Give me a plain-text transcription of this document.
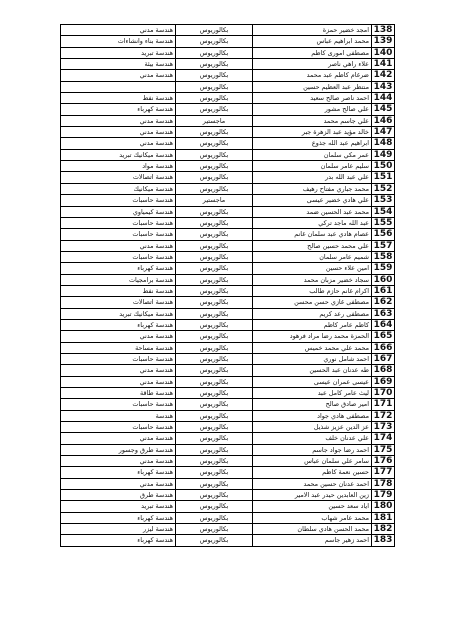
138	امجد خضير حمزة	بكالوريوس	هندسة مدني
139	محمد ابراهيم عباس	بكالوريوس	هندسة بناء وانشاءات
140	مصطفى امورى كاظم	بكالوريوس	هندسة تبريد
141	علاء راهي ناصر	بكالوريوس	هندسة بيئة
142	ضرغام كاظم عبد محمد	بكالوريوس	هندسة مدني
143	منتظر عبد العظيم حسين	بكالوريوس	
144	احمد ناصر صالح سعيد	بكالوريوس	هندسة نفط
145	علي صالح مشور	بكالوريوس	هندسة كهرباء
146	علي جاسم محمد	ماجستير	هندسة مدني
147	خالد مؤيد عبد الزهرة جبر	بكالوريوس	هندسة مدني
148	ابراهيم عبد الله جذوع	بكالوريوس	هندسة مدني
149	عمر مكي سلمان	بكالوريوس	هندسة ميكانيك تبريد
150	سليم عامر سلمان	بكالوريوس	هندسة مواد
151	علي عبد الله بدر	بكالوريوس	هندسة اتصالات
152	محمد جباري مفتاح رهيف	بكالوريوس	هندسة ميكانيك
153	علي هادي خضير عيسى	ماجستير	هندسة حاسبات
154	محمد عبد الحسين ضمد	بكالوريوس	هندسة كيمياوي
155	عبد الله ماجد تركي	بكالوريوس	هندسة حاسبات
156	عصام هادي عبد سلمان غانم	بكالوريوس	هندسة حاسبات
157	علي محمد حسين صالح	بكالوريوس	هندسة مدني
158	شميم عامر سلمان	بكالوريوس	هندسة حاسبات
159	امين علاء حسين	بكالوريوس	هندسة كهرباء
160	سجاد خضير مزبان محمد	بكالوريوس	هندسة برامجيات
161	اكرام غانم حازم طالب	بكالوريوس	هندسة نفط
162	مصطفى غازي حسن محسن	بكالوريوس	هندسة اتصالات
163	مصطفى رعد كريم	بكالوريوس	هندسة ميكانيك تبريد
164	كاظم عامر كاظم	بكالوريوس	هندسة كهرباء
165	الحمزة محمد رضا مراد فرهود	بكالوريوس	هندسة مدني
166	محمد علي محمد خميس	بكالوريوس	هندسة مساحة
167	احمد شامل نوري	بكالوريوس	هندسة حاسبات
168	طه عدنان عبد الحسين	بكالوريوس	هندسة مدني
169	عيسى عمران عيسى	بكالوريوس	هندسة مدني
170	ليث عامر كامل عبد	بكالوريوس	هندسة طاقة
171	امير صادق صالح	بكالوريوس	هندسة حاسبات
172	مصطفى هادي جواد	بكالوريوس	هندسة
173	عز الدين عزيز شذيل	بكالوريوس	هندسة حاسبات
174	علي عدنان خلف	بكالوريوس	هندسة مدني
175	احمد رضا جواد جاسم	بكالوريوس	هندسة طرق وجسور
176	سامر علي سلمان عباس	بكالوريوس	هندسة مدني
177	حسين نعمة كاظم	بكالوريوس	هندسة كهرباء
178	احمد عدنان حسين محمد	بكالوريوس	هندسة مدني
179	زين العابدين حيدر عبد الامير	بكالوريوس	هندسة طرق
180	اياد سعد حسين	بكالوريوس	هندسة تبريد
181	محمد عامر شهاب	بكالوريوس	هندسة كهرباء
182	محمد الحسن هادي سلطان	بكالوريوس	هندسة ليزر
183	احمد زهير جاسم	بكالوريوس	هندسة كهرباء
